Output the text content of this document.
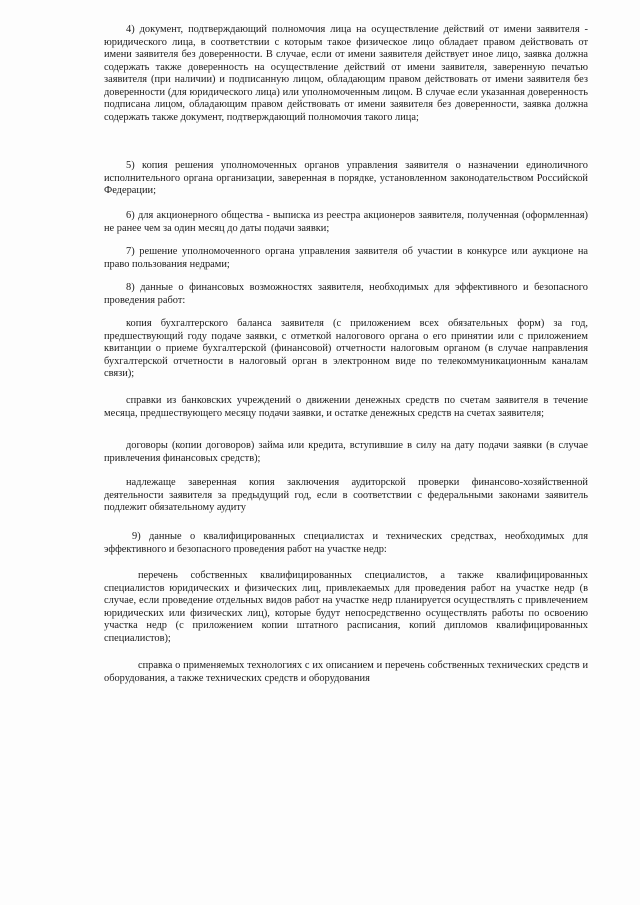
4) документ, подтверждающий полномочия лица на осуществление действий от имени заявителя - юридического лица, в соответствии с которым такое физическое лицо обладает правом действовать от имени заявителя без доверенности. В случае, если от имени заявителя действует иное лицо, заявка должна содержать также доверенность на осуществление действий от имени заявителя, заверенную печатью заявителя (при наличии) и подписанную лицом, обладающим правом действовать от имени заявителя без доверенности (для юридического лица) или уполномоченным лицом. В случае если указанная доверенность подписана лицом, обладающим правом действовать от имени заявителя без доверенности, заявка должна содержать также документ, подтверждающий полномочия такого лица;

5) копия решения уполномоченных органов управления заявителя о назначении единоличного исполнительного органа организации, заверенная в порядке, установленном законодательством Российской Федерации;

6) для акционерного общества - выписка из реестра акционеров заявителя, полученная (оформленная) не ранее чем за один месяц до даты подачи заявки;

7) решение уполномоченного органа управления заявителя об участии в конкурсе или аукционе на право пользования недрами;

8) данные о финансовых возможностях заявителя, необходимых для эффективного и безопасного проведения работ:

копия бухгалтерского баланса заявителя (с приложением всех обязательных форм) за год, предшествующий году подаче заявки, с отметкой налогового органа о его принятии или с приложением квитанции о приеме бухгалтерской (финансовой) отчетности налоговым органом (в случае направления бухгалтерской отчетности в налоговый орган в электронном виде по телекоммуникационным каналам связи);

справки из банковских учреждений о движении денежных средств по счетам заявителя в течение месяца, предшествующего месяцу подачи заявки, и остатке денежных средств на счетах заявителя;

договоры (копии договоров) займа или кредита, вступившие в силу на дату подачи заявки (в случае привлечения финансовых средств);

надлежаще заверенная копия заключения аудиторской проверки финансово-хозяйственной деятельности заявителя за предыдущий год, если в соответствии с федеральными законами заявитель подлежит обязательному аудиту

9) данные о квалифицированных специалистах и технических средствах, необходимых для эффективного и безопасного проведения работ на участке недр:

перечень собственных квалифицированных специалистов, а также квалифицированных специалистов юридических и физических лиц, привлекаемых для проведения работ на участке недр (в случае, если проведение отдельных видов работ на участке недр планируется осуществлять с привлечением юридических или физических лиц), которые будут непосредственно осуществлять работы по освоению участка недр (с приложением копии штатного расписания, копий дипломов квалифицированных специалистов);

справка о применяемых технологиях с их описанием и перечень собственных технических средств и оборудования, а также технических средств и оборудования
